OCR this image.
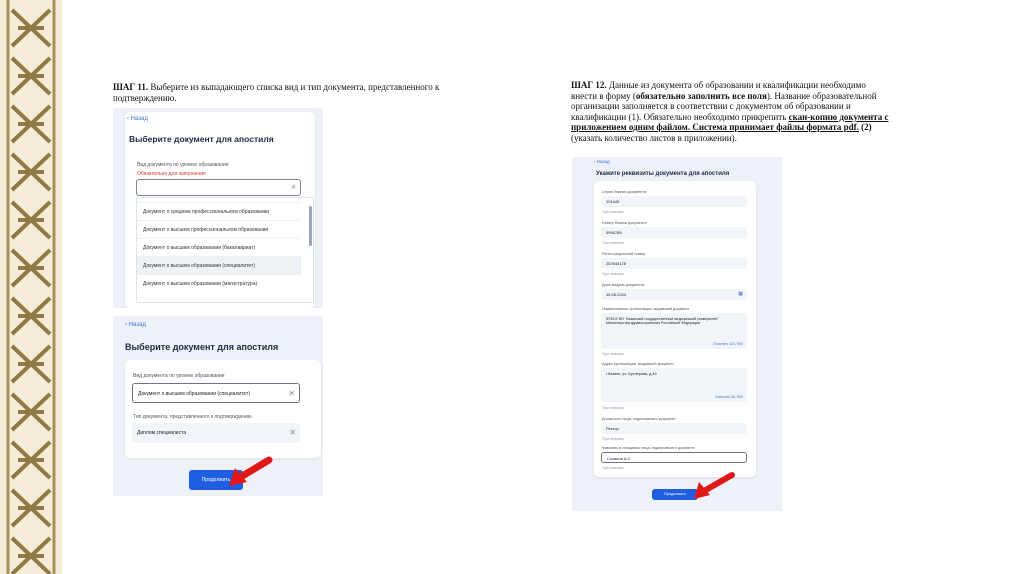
ШАГ 11. Выберите из выпадающего списка вид и тип документа, представленного к подтверждению.
ШАГ 12. Данные из документа об образовании и квалификации необходимо внести в форму (обязательно заполнить все поля). Название образовательной организации заполняется в соответствии с документом об образовании и квалификации (1). Обязательно необходимо прикрепить скан-копию документа с приложением одним файлом. Система принимает файлы формата pdf. (2) (указать количество листов в приложении).
‹ Назад
Выберите документ для апостиля
Вид документа по уровню образования
Обязательно для заполнения
⌕
Документ о среднем профессиональном образовании
Документ о высшем профессиональном образовании
Документ о высшем образовании (бакалавриат)
Документ о высшем образовании (специалитет)
Документ о высшем образовании (магистратура)
‹ Назад
Выберите документ для апостиля
Вид документа по уровню образования
Документ о высшем образовании (специалитет)	✕
Тип документа, представленного к подтверждению
Диплом специалиста	✕
Продолжить
‹ Назад
Укажите реквизиты документа для апостиля
Серия бланка документа
101445
При наличии
Номер бланка документа
0946785
При наличии
Регистрационный номер
25764517б
При наличии
Дата выдачи документа
16.06.2024	▦
Наименование организации, выдавшей документ
ФГБОУ ВО "Казанский государственный медицинский университет" Министерства здравоохранения Российской Федерации
Очистить 115 / 500
При наличии
Адрес организации, выдавшей документ
г.Казань, ул. Бутлерова, д.49
Очистить 28 / 500
При наличии
Должность лица, подписавшего документ
Ректор
При наличии
Фамилия и инициалы лица, подписавшего документ
Созинов А.С.
При наличии
Продолжить
